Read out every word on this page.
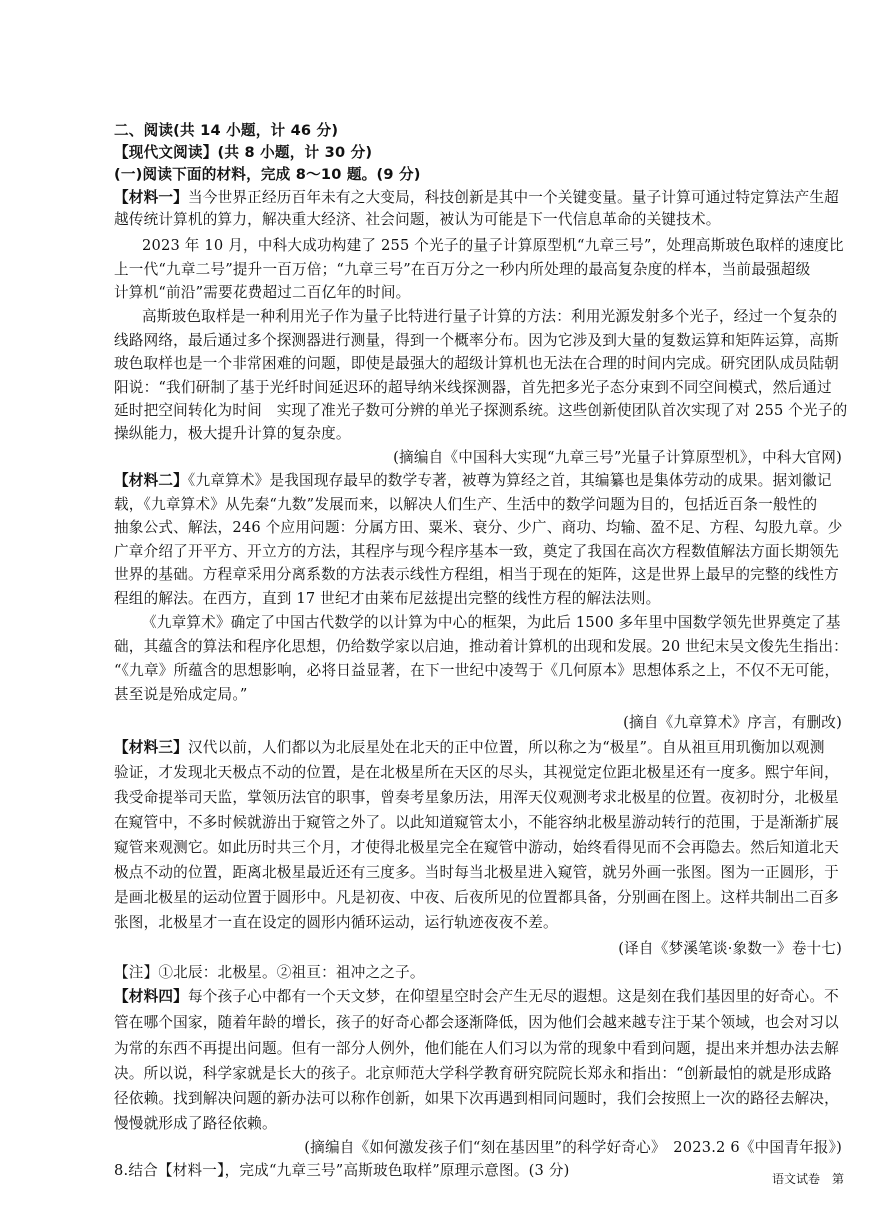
二、阅读(共 14 小题，计 46 分)
【现代文阅读】(共 8 小题，计 30 分)
(一)阅读下面的材料，完成 8～10 题。(9 分)
【材料一】当今世界正经历百年未有之大变局，科技创新是其中一个关键变量。量子计算可通过特定算法产生超
越传统计算机的算力，解决重大经济、社会问题，被认为可能是下一代信息革命的关键技术。
2023 年 10 月，中科大成功构建了 255 个光子的量子计算原型机“九章三号”，处理高斯玻色取样的速度比
上一代“九章二号”提升一百万倍；“九章三号”在百万分之一秒内所处理的最高复杂度的样本，当前最强超级
计算机“前沿”需要花费超过二百亿年的时间。
高斯玻色取样是一种利用光子作为量子比特进行量子计算的方法：利用光源发射多个光子，经过一个复杂的
线路网络，最后通过多个探测器进行测量，得到一个概率分布。因为它涉及到大量的复数运算和矩阵运算，高斯
玻色取样也是一个非常困难的问题，即使是最强大的超级计算机也无法在合理的时间内完成。研究团队成员陆朝
阳说：“我们研制了基于光纤时间延迟环的超导纳米线探测器，首先把多光子态分束到不同空间模式，然后通过
延时把空间转化为时间　实现了准光子数可分辨的单光子探测系统。这些创新使团队首次实现了对 255 个光子的
操纵能力，极大提升计算的复杂度。
(摘编自《中国科大实现“九章三号”光量子计算原型机》，中科大官网)
【材料二】《九章算术》是我国现存最早的数学专著，被尊为算经之首，其编纂也是集体劳动的成果。据刘徽记
载，《九章算术》从先秦“九数”发展而来，以解决人们生产、生活中的数学问题为目的，包括近百条一般性的
抽象公式、解法，246 个应用问题：分属方田、粟米、衰分、少广、商功、均输、盈不足、方程、勾股九章。少
广章介绍了开平方、开立方的方法，其程序与现今程序基本一致，奠定了我国在高次方程数值解法方面长期领先
世界的基础。方程章采用分离系数的方法表示线性方程组，相当于现在的矩阵，这是世界上最早的完整的线性方
程组的解法。在西方，直到 17 世纪才由莱布尼兹提出完整的线性方程的解法法则。
《九章算术》确定了中国古代数学的以计算为中心的框架，为此后 1500 多年里中国数学领先世界奠定了基
础，其蕴含的算法和程序化思想，仍给数学家以启迪，推动着计算机的出现和发展。20 世纪末吴文俊先生指出：
“《九章》所蕴含的思想影响，必将日益显著，在下一世纪中凌驾于《几何原本》思想体系之上，不仅不无可能，
甚至说是殆成定局。”
(摘自《九章算术》序言，有删改)
【材料三】汉代以前，人们都以为北辰星处在北天的正中位置，所以称之为“极星”。自从祖亘用玑衡加以观测
验证，才发现北天极点不动的位置，是在北极星所在天区的尽头，其视觉定位距北极星还有一度多。熙宁年间，
我受命提举司天监，掌领历法官的职事，曾奏考星象历法，用浑天仪观测考求北极星的位置。夜初时分，北极星
在窥管中，不多时候就游出于窥管之外了。以此知道窥管太小，不能容纳北极星游动转行的范围，于是渐渐扩展
窥管来观测它。如此历时共三个月，才使得北极星完全在窥管中游动，始终看得见而不会再隐去。然后知道北天
极点不动的位置，距离北极星最近还有三度多。当时每当北极星进入窥管，就另外画一张图。图为一正圆形，于
是画北极星的运动位置于圆形中。凡是初夜、中夜、后夜所见的位置都具备，分别画在图上。这样共制出二百多
张图，北极星才一直在设定的圆形内循环运动，运行轨迹夜夜不差。
(译自《梦溪笔谈·象数一》卷十七)
【注】①北辰：北极星。②祖亘：祖冲之之子。
【材料四】每个孩子心中都有一个天文梦，在仰望星空时会产生无尽的遐想。这是刻在我们基因里的好奇心。不
管在哪个国家，随着年龄的增长，孩子的好奇心都会逐渐降低，因为他们会越来越专注于某个领域，也会对习以
为常的东西不再提出问题。但有一部分人例外，他们能在人们习以为常的现象中看到问题，提出来并想办法去解
决。所以说，科学家就是长大的孩子。北京师范大学科学教育研究院院长郑永和指出：“创新最怕的就是形成路
径依赖。找到解决问题的新办法可以称作创新，如果下次再遇到相同问题时，我们会按照上一次的路径去解决，
慢慢就形成了路径依赖。
(摘编自《如何激发孩子们“刻在基因里”的科学好奇心》　2023.2 6《中国青年报》)
8.结合【材料一】，完成“九章三号”高斯玻色取样”原理示意图。(3 分)	语文试卷　第
